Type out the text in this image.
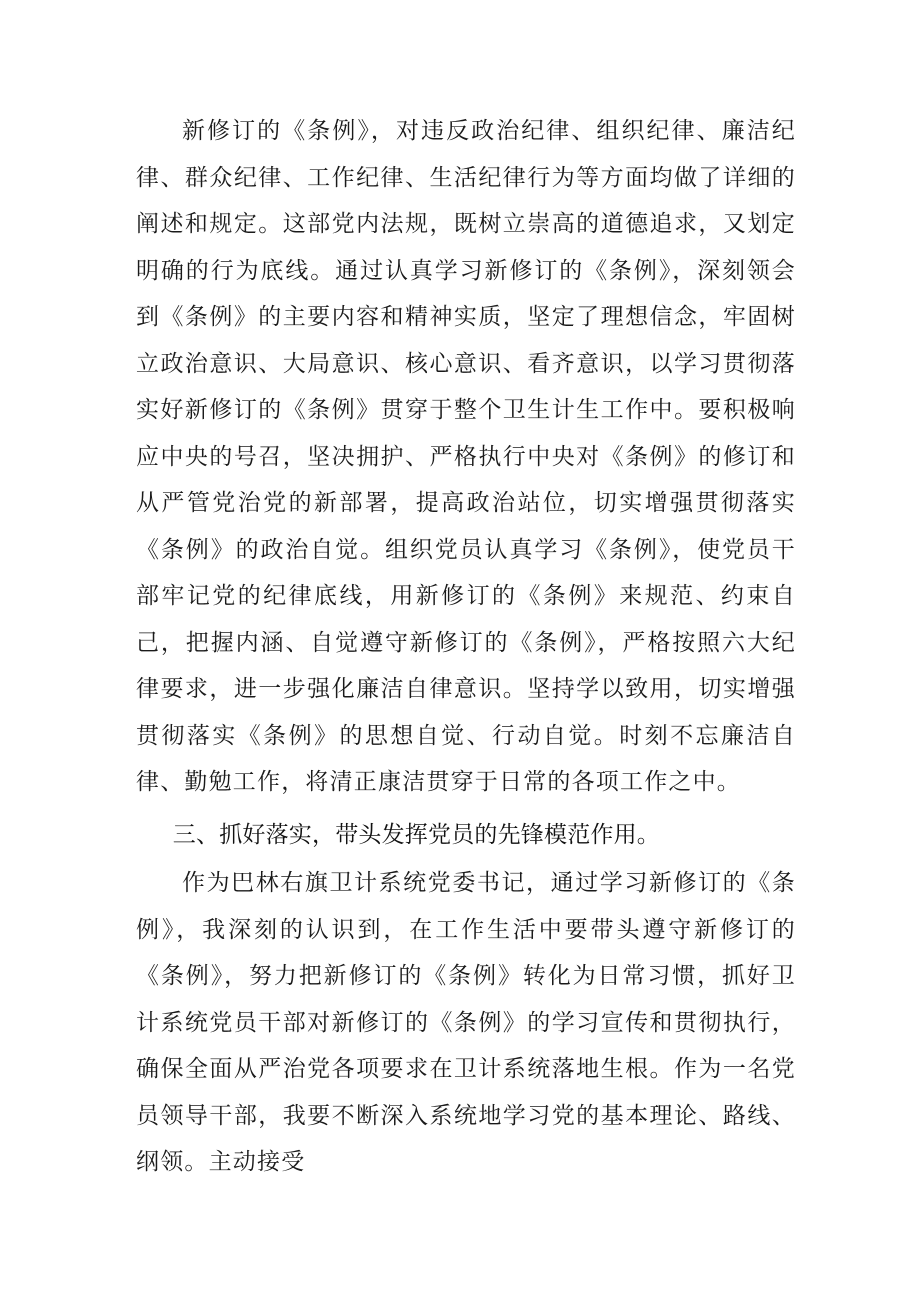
新修订的《条例》，对违反政治纪律、组织纪律、廉洁纪律、群众纪律、工作纪律、生活纪律行为等方面均做了详细的阐述和规定。这部党内法规，既树立崇高的道德追求，又划定明确的行为底线。通过认真学习新修订的《条例》，深刻领会到《条例》的主要内容和精神实质，坚定了理想信念，牢固树立政治意识、大局意识、核心意识、看齐意识，以学习贯彻落实好新修订的《条例》贯穿于整个卫生计生工作中。要积极响应中央的号召，坚决拥护、严格执行中央对《条例》的修订和从严管党治党的新部署，提高政治站位，切实增强贯彻落实《条例》的政治自觉。组织党员认真学习《条例》，使党员干部牢记党的纪律底线，用新修订的《条例》来规范、约束自己，把握内涵、自觉遵守新修订的《条例》，严格按照六大纪律要求，进一步强化廉洁自律意识。坚持学以致用，切实增强贯彻落实《条例》的思想自觉、行动自觉。时刻不忘廉洁自律、勤勉工作，将清正康洁贯穿于日常的各项工作之中。

三、抓好落实，带头发挥党员的先锋模范作用。

作为巴林右旗卫计系统党委书记，通过学习新修订的《条例》，我深刻的认识到，在工作生活中要带头遵守新修订的《条例》，努力把新修订的《条例》转化为日常习惯，抓好卫计系统党员干部对新修订的《条例》的学习宣传和贯彻执行，确保全面从严治党各项要求在卫计系统落地生根。作为一名党员领导干部，我要不断深入系统地学习党的基本理论、路线、纲领。主动接受
